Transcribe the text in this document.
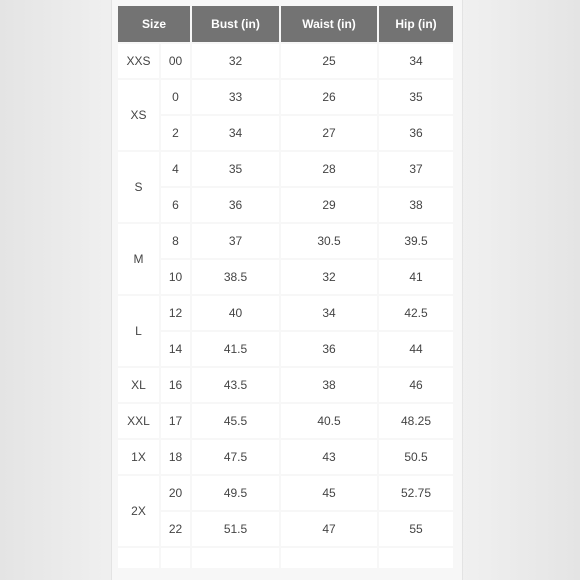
Size		Bust (in)	Waist (in)	Hip (in)
XXS	00	32	25	34
XS	0	33	26	35
	2	34	27	36
S	4	35	28	37
	6	36	29	38
M	8	37	30.5	39.5
	10	38.5	32	41
L	12	40	34	42.5
	14	41.5	36	44
XL	16	43.5	38	46
XXL	17	45.5	40.5	48.25
1X	18	47.5	43	50.5
2X	20	49.5	45	52.75
	22	51.5	47	55
